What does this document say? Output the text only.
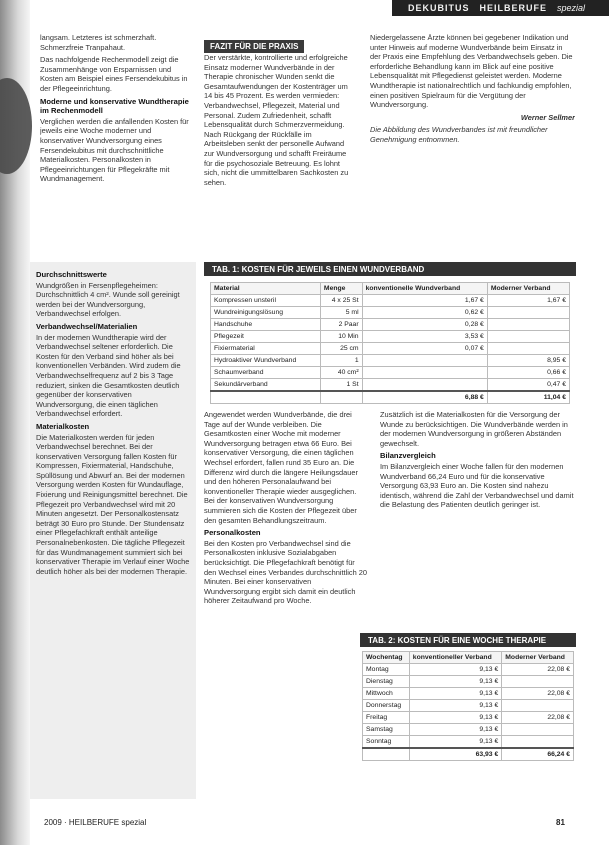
DEKUBITUS HEILBERUFE spezial

langsam. Letzteres ist schmerzhaft. Schmerzfreie Tranpahaut.

Das nachfolgende Rechenmodell zeigt die Zusammenhänge von Ersparnissen und Kosten am Beispiel eines Fersendekubitus in der Pflegeeinrichtung.

Moderne und konservative Wundtherapie im Rechenmodell

Verglichen werden die anfallenden Kosten für jeweils eine Woche moderner und konservativer Wundversorgung eines Fersendekubitus mit durchschnittliche Materialkosten. Personalkosten in Pflegeeinrichtungen für Pflegekräfte mit Wundmanagement.

Der verstärkte, kontrollierte und erfolgreiche Einsatz moderner Wundverbände in der Therapie chronischer Wunden senkt die Gesamtaufwendungen der Kostenträger um 14 bis 45 Prozent. Es werden vermieden: Verbandwechsel, Pflegezeit, Material und Personal. Zudem Zufriedenheit, schafft Lebensqualität durch Schmerzvermeidung. Nach Rückgang der Rückfälle im Arbeitsleben senkt der personelle Aufwand zur Wundversorgung und schafft Freiräume für die psychosoziale Betreuung. Es lohnt sich, nicht die ummittelbaren Sachkosten zu sehen.

FAZIT FÜR DIE PRAXIS

Niedergelassene Ärzte können bei gegebener Indikation und unter Hinweis auf moderne Wundverbände beim Einsatz in der Praxis eine Empfehlung des Verbandwechsels geben. Die erforderliche Behandlung kann im Blick auf eine positive Lebensqualität mit Pflegedienst geleistet werden. Moderne Wundtherapie ist nationalrechtlich und fachkundig empfohlen, einen positiven Spielraum für die Vergütung der Wundversorgung.

Werner Sellmer

Die Abbildung des Wundverbandes ist mit freundlicher Genehmigung entnommen.

Durchschnittswerte

Wundgrößen in Fersenpflegeheimen: Durchschnittlich 4 cm². Wunde soll gereinigt werden bei der Wundversorgung, Verbandwechsel erfolgen.

Verbandwechsel/Materialien

In der modernen Wundtherapie wird der Verbandwechsel seltener erforderlich. Die Kosten für den Verband sind höher als bei konventionellen Verbänden. Wird zudem die Verbandwechselfrequenz auf 2 bis 3 Tage reduziert, sinken die Gesamtkosten deutlich gegenüber der konservativen Wundversorgung, die einen täglichen Verbandwechsel erfordert.

Materialkosten

Die Materialkosten werden für jeden Verbandwechsel berechnet. Bei der konservativen Versorgung fallen Kosten für Kompressen, Fixiermaterial, Handschuhe, Spüllösung und Abwurf an. Bei der modernen Versorgung werden Kosten für Wundauflage, Fixierung und Reinigungsmittel berechnet. Die Pflegezeit pro Verbandwechsel wird mit 20 Minuten angesetzt. Der Personalkostensatz beträgt 30 Euro pro Stunde. Der Stundensatz einer Pflegefachkraft enthält anteilige Personalnebenkosten. Die tägliche Pflegezeit für das Wundmanagement summiert sich bei konservativer Therapie im Verlauf einer Woche deutlich höher als bei der modernen Therapie.

TAB. 1: KOSTEN FÜR JEWEILS EINEN WUNDVERBAND
Material	Menge	konventionelle Wundverband	Moderner Verband
Kompressen unsteril	4 x 25 St	1,67 €	1,67 €
Wundreinigungslösung	5 ml	0,62 €	
Handschuhe	2 Paar	0,28 €	
Pflegezeit	10 Min	3,53 €	
Fixiermaterial	25 cm	0,07 €	
Hydroaktiver Wundverband	1		8,95 €
Schaumverband	40 cm²		0,66 €
Sekundärverband	1 St		0,47 €
		6,88 €	11,04 €

Angewendet werden Wundverbände, die drei Tage auf der Wunde verbleiben. Die Gesamtkosten einer Woche mit moderner Wundversorgung betragen etwa 66 Euro. Bei konservativer Versorgung, die einen täglichen Wechsel erfordert, fallen rund 35 Euro an. Die Differenz wird durch die längere Heilungsdauer und den höheren Personalaufwand bei konventioneller Therapie wieder ausgeglichen. Bei der konservativen Wundversorgung summieren sich die Kosten der Pflegezeit über den gesamten Behandlungszeitraum.

Personalkosten

Bei den Kosten pro Verbandwechsel sind die Personalkosten inklusive Sozialabgaben berücksichtigt. Die Pflegefachkraft benötigt für den Wechsel eines Verbandes durchschnittlich 20 Minuten. Bei einer konservativen Wundversorgung ergibt sich damit ein deutlich höherer Zeitaufwand pro Woche.

Zusätzlich ist die Materialkosten für die Versorgung der Wunde zu berücksichtigen. Die Wundverbände werden in der modernen Wundversorgung in größeren Abständen gewechselt.

Bilanzvergleich

Im Bilanzvergleich einer Woche fallen für den modernen Wundverband 66,24 Euro und für die konservative Versorgung 63,93 Euro an. Die Kosten sind nahezu identisch, während die Zahl der Verbandwechsel und damit die Belastung des Patienten deutlich geringer ist.

TAB. 2: KOSTEN FÜR EINE WOCHE THERAPIE
Wochentag	konventioneller Verband	Moderner Verband
Montag	9,13 €	22,08 €
Dienstag	9,13 €	
Mittwoch	9,13 €	22,08 €
Donnerstag	9,13 €	
Freitag	9,13 €	22,08 €
Samstag	9,13 €	
Sonntag	9,13 €	
	63,93 €	66,24 €
2009 · HEILBERUFE spezial	81
